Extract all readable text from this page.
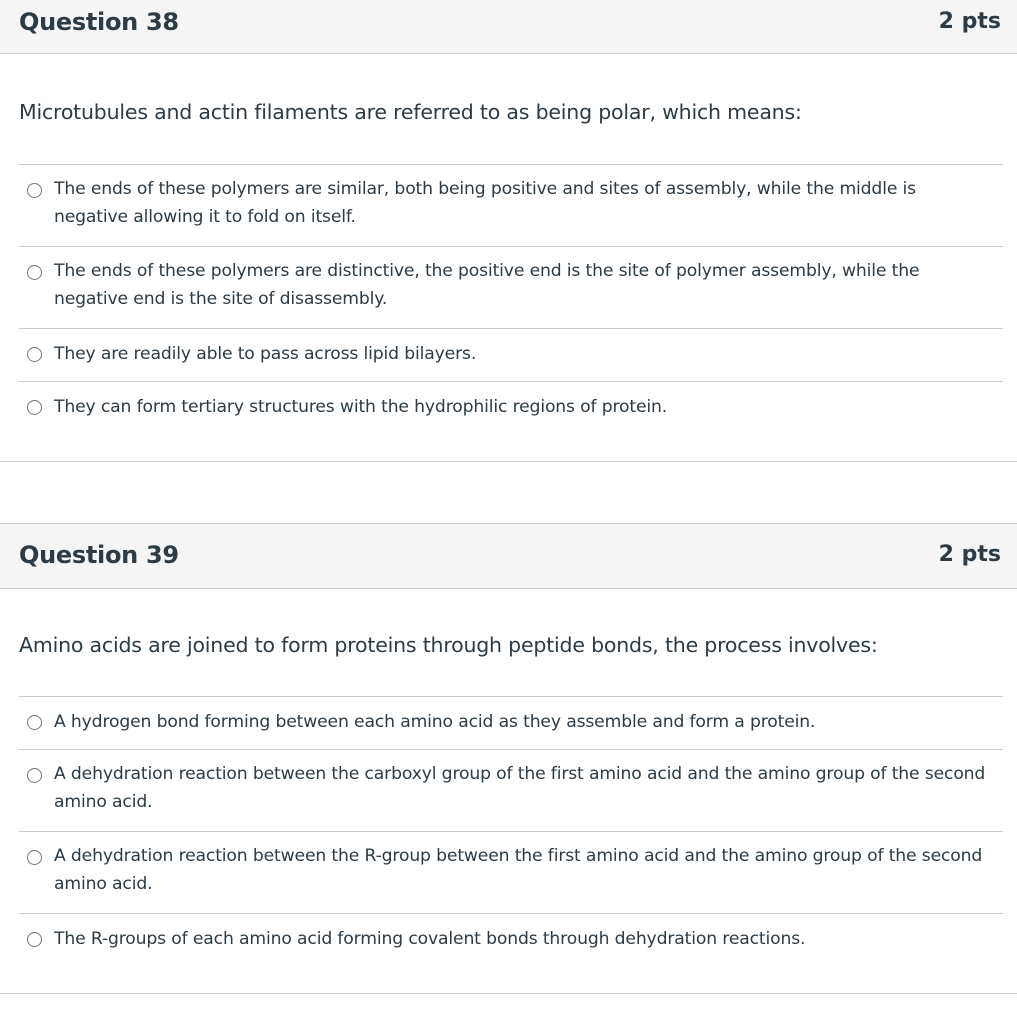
Question 38	2 pts
Microtubules and actin filaments are referred to as being polar, which means:
The ends of these polymers are similar, both being positive and sites of assembly, while the middle is negative allowing it to fold on itself.
The ends of these polymers are distinctive, the positive end is the site of polymer assembly, while the negative end is the site of disassembly.
They are readily able to pass across lipid bilayers.
They can form tertiary structures with the hydrophilic regions of protein.
Question 39	2 pts
Amino acids are joined to form proteins through peptide bonds, the process involves:
A hydrogen bond forming between each amino acid as they assemble and form a protein.
A dehydration reaction between the carboxyl group of the first amino acid and the amino group of the second amino acid.
A dehydration reaction between the R-group between the first amino acid and the amino group of the second amino acid.
The R-groups of each amino acid forming covalent bonds through dehydration reactions.
